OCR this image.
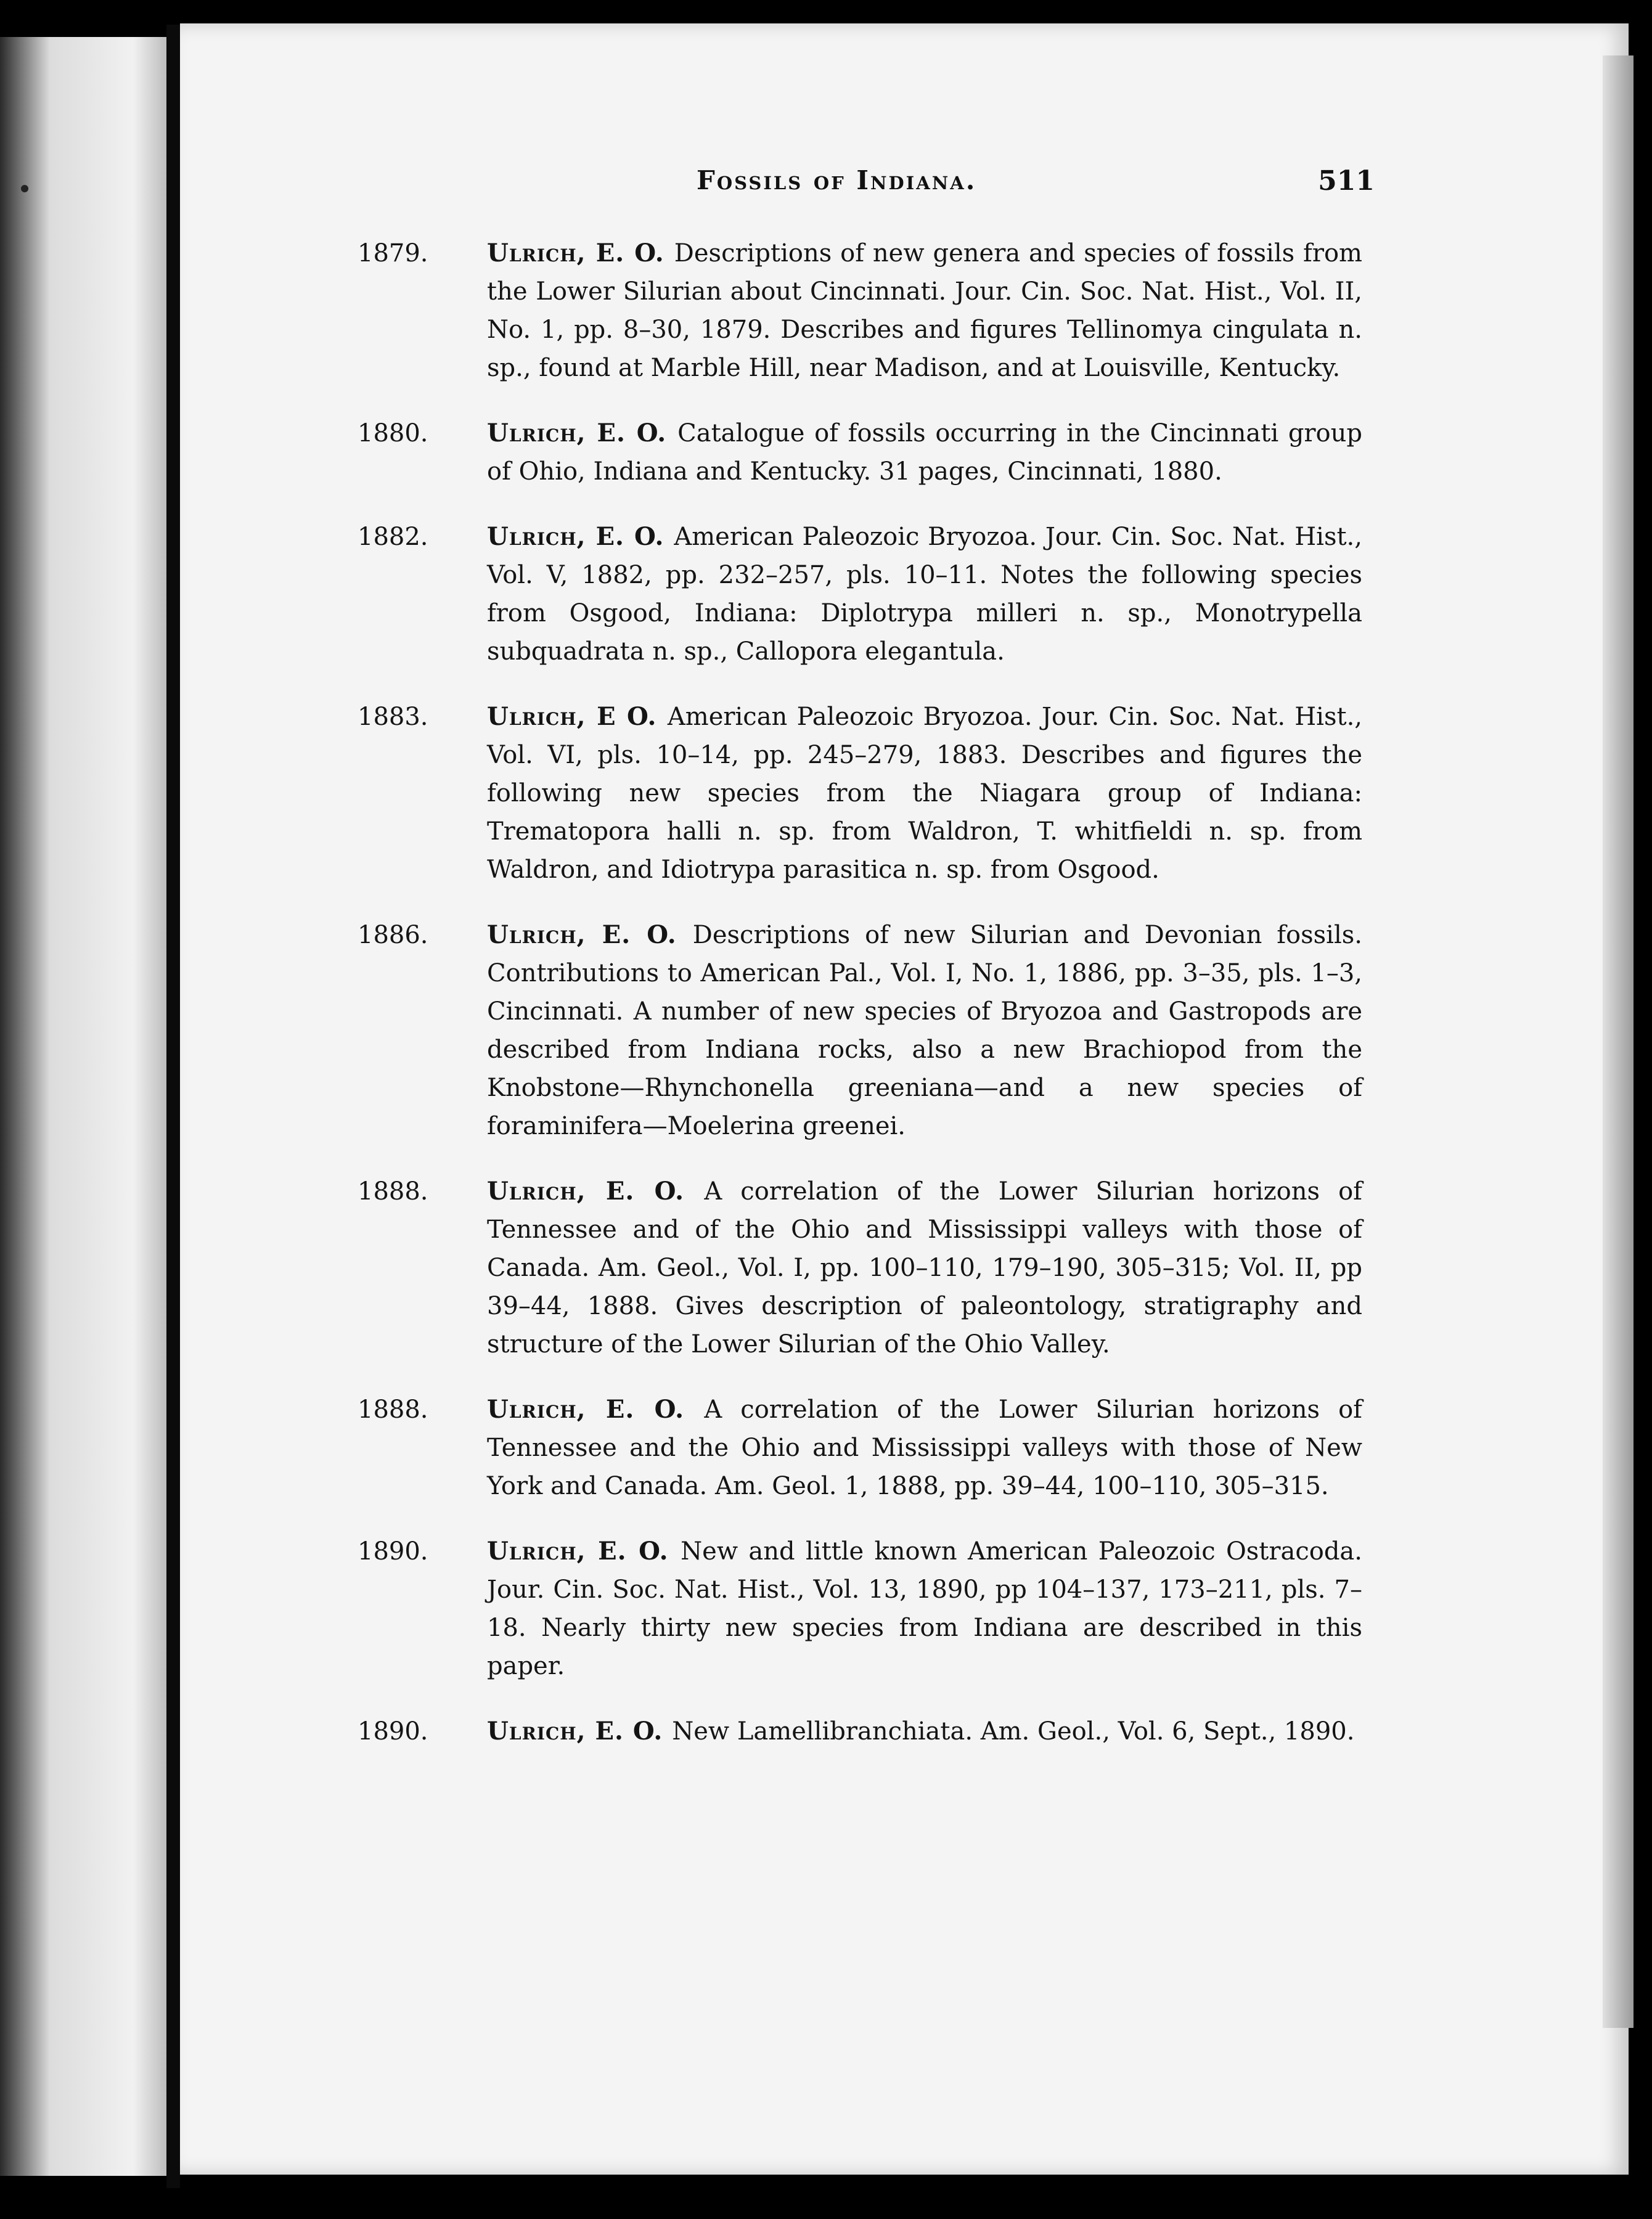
Fossils of Indiana.	511
1879.	Ulrich, E. O. Descriptions of new genera and species of fossils from the Lower Silurian about Cincinnati. Jour. Cin. Soc. Nat. Hist., Vol. II, No. 1, pp. 8–30, 1879. Describes and figures Tellinomya cingulata n. sp., found at Marble Hill, near Madison, and at Louisville, Kentucky.
1880.	Ulrich, E. O. Catalogue of fossils occurring in the Cincinnati group of Ohio, Indiana and Kentucky. 31 pages, Cincinnati, 1880.
1882.	Ulrich, E. O. American Paleozoic Bryozoa. Jour. Cin. Soc. Nat. Hist., Vol. V, 1882, pp. 232–257, pls. 10–11. Notes the following species from Osgood, Indiana: Diplotrypa milleri n. sp., Monotrypella subquadrata n. sp., Callopora elegantula.
1883.	Ulrich, E O. American Paleozoic Bryozoa. Jour. Cin. Soc. Nat. Hist., Vol. VI, pls. 10–14, pp. 245–279, 1883. Describes and figures the following new species from the Niagara group of Indiana: Trematopora halli n. sp. from Waldron, T. whitfieldi n. sp. from Waldron, and Idiotrypa parasitica n. sp. from Osgood.
1886.	Ulrich, E. O. Descriptions of new Silurian and Devonian fossils. Contributions to American Pal., Vol. I, No. 1, 1886, pp. 3–35, pls. 1–3, Cincinnati. A number of new species of Bryozoa and Gastropods are described from Indiana rocks, also a new Brachiopod from the Knobstone—Rhynchonella greeniana—and a new species of foraminifera—Moelerina greenei.
1888.	Ulrich, E. O. A correlation of the Lower Silurian horizons of Tennessee and of the Ohio and Mississippi valleys with those of Canada. Am. Geol., Vol. I, pp. 100–110, 179–190, 305–315; Vol. II, pp 39–44, 1888. Gives description of paleontology, stratigraphy and structure of the Lower Silurian of the Ohio Valley.
1888.	Ulrich, E. O. A correlation of the Lower Silurian horizons of Tennessee and the Ohio and Mississippi valleys with those of New York and Canada. Am. Geol. 1, 1888, pp. 39–44, 100–110, 305–315.
1890.	Ulrich, E. O. New and little known American Paleozoic Ostracoda. Jour. Cin. Soc. Nat. Hist., Vol. 13, 1890, pp 104–137, 173–211, pls. 7–18. Nearly thirty new species from Indiana are described in this paper.
1890.	Ulrich, E. O. New Lamellibranchiata. Am. Geol., Vol. 6, Sept., 1890.
